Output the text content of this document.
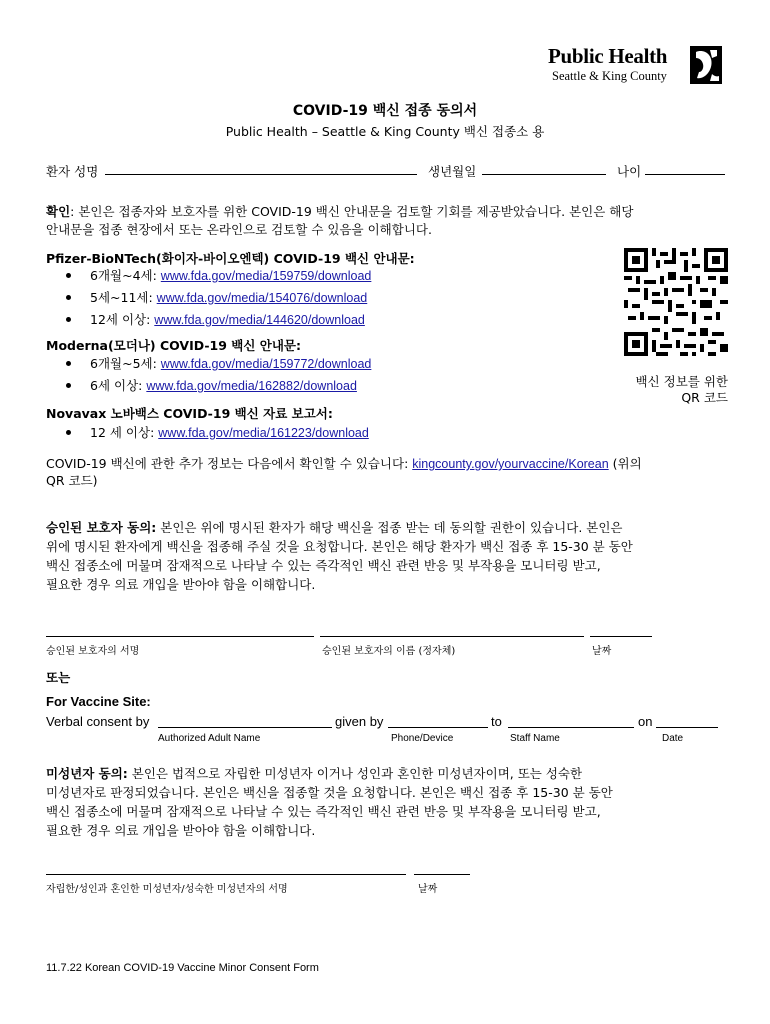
Public Health
Seattle & King County
COVID-19 백신 접종 동의서
Public Health – Seattle & King County 백신 접종소 용
환자 성명	생년월일	나이
확인: 본인은 접종자와 보호자를 위한 COVID-19 백신 안내문을 검토할 기회를 제공받았습니다. 본인은 해당
안내문을 접종 현장에서 또는 온라인으로 검토할 수 있음을 이해합니다.
Pfizer-BioNTech(화이자-바이오엔텍) COVID-19 백신 안내문:
6개월~4세: www.fda.gov/media/159759/download
5세~11세: www.fda.gov/media/154076/download
12세 이상: www.fda.gov/media/144620/download
Moderna(모더나) COVID-19 백신 안내문:
6개월~5세: www.fda.gov/media/159772/download
6세 이상: www.fda.gov/media/162882/download	백신 정보를 위한
QR 코드
Novavax 노바백스 COVID-19 백신 자료 보고서:
12 세 이상: www.fda.gov/media/161223/download
COVID-19 백신에 관한 추가 정보는 다음에서 확인할 수 있습니다: kingcounty.gov/yourvaccine/Korean (위의
QR 코드)
승인된 보호자 동의: 본인은 위에 명시된 환자가 해당 백신을 접종 받는 데 동의할 권한이 있습니다. 본인은
위에 명시된 환자에게 백신을 접종해 주실 것을 요청합니다. 본인은 해당 환자가 백신 접종 후 15-30 분 동안
백신 접종소에 머물며 잠재적으로 나타날 수 있는 즉각적인 백신 관련 반응 및 부작용을 모니터링 받고,
필요한 경우 의료 개입을 받아야 함을 이해합니다.
승인된 보호자의 서명	승인된 보호자의 이름 (정자체)	날짜
또는
For Vaccine Site:
Verbal consent by	given by	to	on
Authorized Adult Name	Phone/Device	Staff Name	Date
미성년자 동의: 본인은 법적으로 자립한 미성년자 이거나 성인과 혼인한 미성년자이며, 또는 성숙한
미성년자로 판정되었습니다. 본인은 백신을 접종할 것을 요청합니다. 본인은 백신 접종 후 15-30 분 동안
백신 접종소에 머물며 잠재적으로 나타날 수 있는 즉각적인 백신 관련 반응 및 부작용을 모니터링 받고,
필요한 경우 의료 개입을 받아야 함을 이해합니다.
자립한/성인과 혼인한 미성년자/성숙한 미성년자의 서명	날짜
11.7.22 Korean COVID-19 Vaccine Minor Consent Form
